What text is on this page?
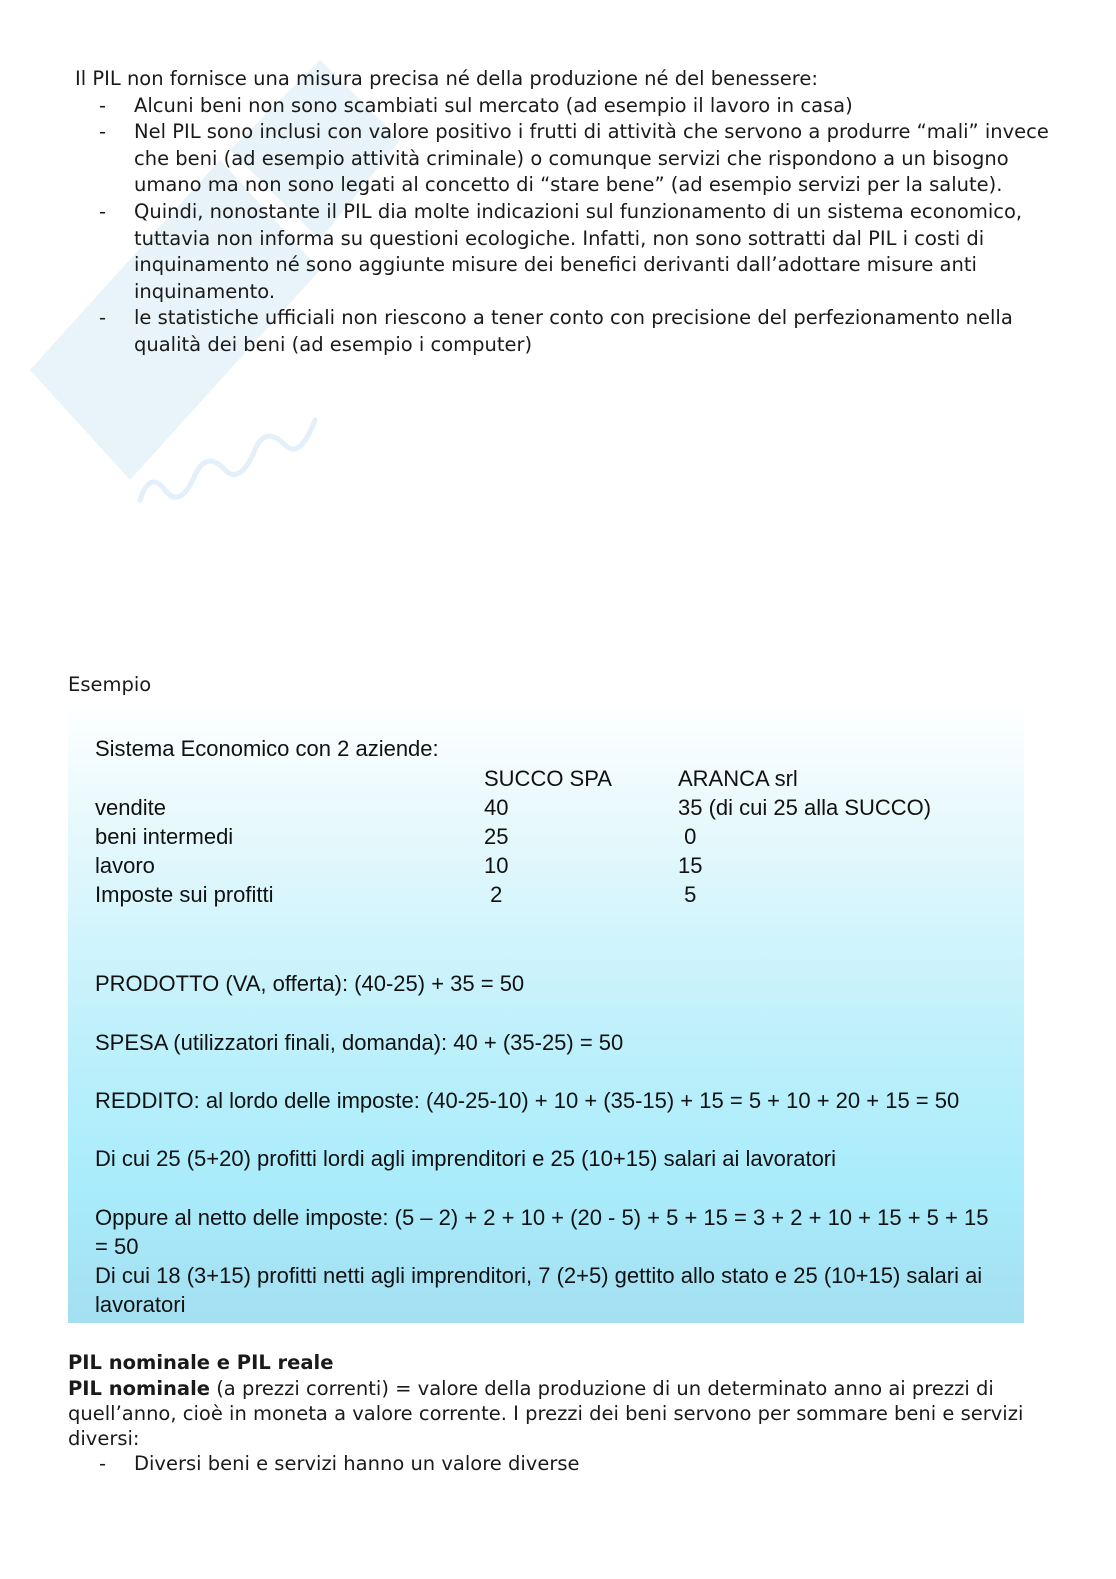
Il PIL non fornisce una misura precisa né della produzione né del benessere:

- Alcuni beni non sono scambiati sul mercato (ad esempio il lavoro in casa)
- Nel PIL sono inclusi con valore positivo i frutti di attività che servono a produrre “mali” invece che beni (ad esempio attività criminale) o comunque servizi che rispondono a un bisogno umano ma non sono legati al concetto di “stare bene” (ad esempio servizi per la salute).
- Quindi, nonostante il PIL dia molte indicazioni sul funzionamento di un sistema economico, tuttavia non informa su questioni ecologiche. Infatti, non sono sottratti dal PIL i costi di inquinamento né sono aggiunte misure dei benefici derivanti dall’adottare misure anti inquinamento.
- le statistiche ufficiali non riescono a tener conto con precisione del perfezionamento nella qualità dei beni (ad esempio i computer)
Esempio
Sistema Economico con 2 aziende:
	SUCCO SPA	ARANCA srl
vendite	40	35 (di cui 25 alla SUCCO)
beni intermedi	25	0
lavoro	10	15
Imposte sui profitti	2	5

PRODOTTO (VA, offerta): (40-25) + 35 = 50

SPESA (utilizzatori finali, domanda): 40 + (35-25) = 50

REDDITO: al lordo delle imposte: (40-25-10) + 10 + (35-15) + 15 = 5 + 10 + 20 + 15 = 50

Di cui 25 (5+20) profitti lordi agli imprenditori e 25 (10+15) salari ai lavoratori

Oppure al netto delle imposte: (5 – 2) + 2 + 10 + (20 - 5) + 5 + 15 = 3 + 2 + 10 + 15 + 5 + 15 = 50

Di cui 18 (3+15) profitti netti agli imprenditori, 7 (2+5) gettito allo stato e 25 (10+15) salari ai lavoratori

PIL nominale e PIL reale

PIL nominale (a prezzi correnti) = valore della produzione di un determinato anno ai prezzi di quell’anno, cioè in moneta a valore corrente. I prezzi dei beni servono per sommare beni e servizi diversi:

- Diversi beni e servizi hanno un valore diverse
